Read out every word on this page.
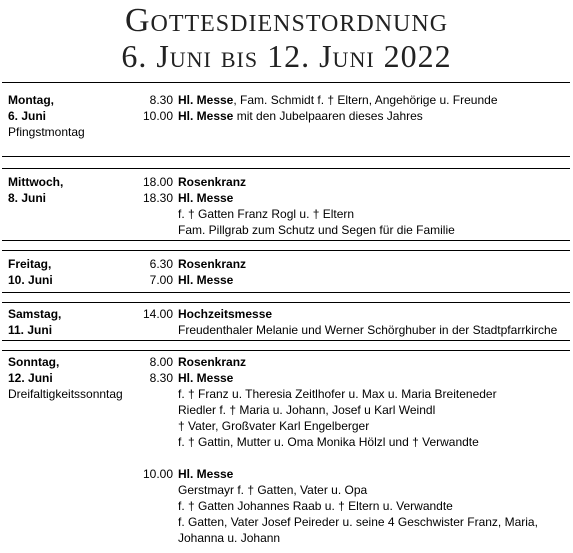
Gottesdienstordnung
6. Juni bis 12. Juni 2022
Montag,
6. Juni
Pfingstmontag
8.30 Hl. Messe, Fam. Schmidt f. † Eltern, Angehörige u. Freunde
10.00 Hl. Messe mit den Jubelpaaren dieses Jahres
Mittwoch,
8. Juni
18.00 Rosenkranz
18.30 Hl. Messe
f. † Gatten Franz Rogl u. † Eltern
Fam. Pillgrab zum Schutz und Segen für die Familie
Freitag,
10. Juni
6.30 Rosenkranz
7.00 Hl. Messe
Samstag,
11. Juni
14.00 Hochzeitsmesse
Freudenthaler Melanie und Werner Schörghuber in der Stadtpfarrkirche
Sonntag,
12. Juni
Dreifaltigkeitssonntag
8.00 Rosenkranz
8.30 Hl. Messe
f. † Franz u. Theresia Zeitlhofer u. Max u. Maria Breiteneder
Riedler f. † Maria u. Johann, Josef u Karl Weindl
† Vater, Großvater Karl Engelberger
f. † Gattin, Mutter u. Oma Monika Hölzl und † Verwandte
10.00 Hl. Messe
Gerstmayr f. † Gatten, Vater u. Opa
f. † Gatten Johannes Raab u. † Eltern u. Verwandte
f. Gatten, Vater Josef Peireder u. seine 4 Geschwister Franz, Maria,
Johanna u. Johann
